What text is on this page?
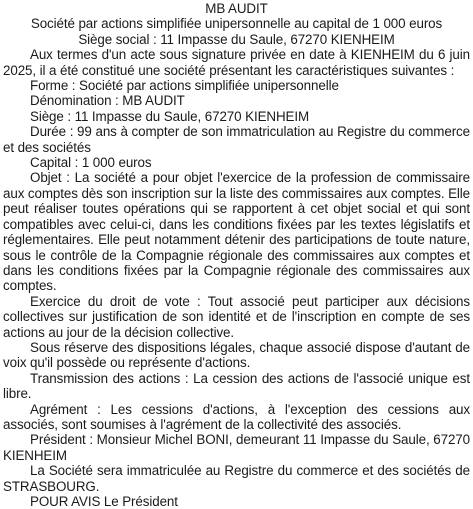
MB AUDIT
Société par actions simplifiée unipersonnelle au capital de 1 000 euros
Siège social : 11 Impasse du Saule, 67270 KIENHEIM

Aux termes d'un acte sous signature privée en date à KIENHEIM du 6 juin 2025, il a été constitué une société présentant les caractéristiques suivantes :

Forme : Société par actions simplifiée unipersonnelle

Dénomination : MB AUDIT

Siège : 11 Impasse du Saule, 67270 KIENHEIM

Durée : 99 ans à compter de son immatriculation au Registre du commerce et des sociétés

Capital : 1 000 euros

Objet : La société a pour objet l'exercice de la profession de commissaire aux comptes dès son inscription sur la liste des commissaires aux comptes. Elle peut réaliser toutes opérations qui se rapportent à cet objet social et qui sont compatibles avec celui-ci, dans les conditions fixées par les textes législatifs et réglementaires. Elle peut notamment détenir des participations de toute nature, sous le contrôle de la Compagnie régionale des commissaires aux comptes et dans les conditions fixées par la Compagnie régionale des commissaires aux comptes.

Exercice du droit de vote : Tout associé peut participer aux décisions collectives sur justification de son identité et de l'inscription en compte de ses actions au jour de la décision collective.

Sous réserve des dispositions légales, chaque associé dispose d'autant de voix qu'il possède ou représente d'actions.

Transmission des actions : La cession des actions de l'associé unique est libre.

Agrément : Les cessions d'actions, à l'exception des cessions aux associés, sont soumises à l'agrément de la collectivité des associés.

Président : Monsieur Michel BONI, demeurant 11 Impasse du Saule, 67270 KIENHEIM

La Société sera immatriculée au Registre du commerce et des sociétés de STRASBOURG.

POUR AVIS Le Président
